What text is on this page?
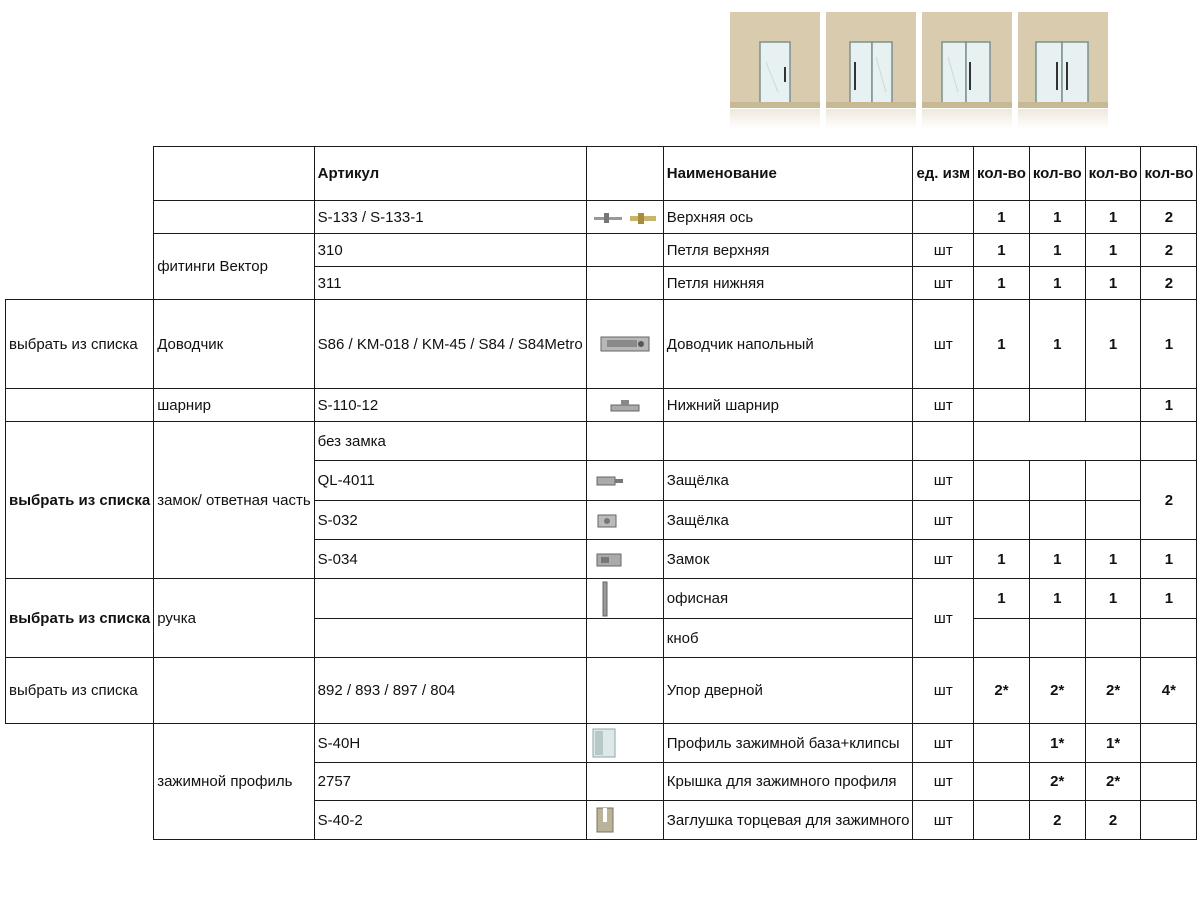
		Артикул		Наименование	ед. изм	кол-во	кол-во	кол-во	кол-во
		S-133 / S-133-1		Верхняя ось		1	1	1	2
	фитинги Вектор	310		Петля верхняя	шт	1	1	1	2
		311		Петля нижняя	шт	1	1	1	2
выбрать из списка	Доводчик	S86 / KM-018 / KM-45 / S84 / S84Metro		Доводчик напольный	шт	1	1	1	1
	шарнир	S-110-12		Нижний шарнир	шт				1
выбрать из списка	замок/ ответная часть	без замка							
		QL-4011		Защёлка	шт				2
		S-032		Защёлка	шт				
		S-034		Замок	шт	1	1	1	1
выбрать из списка	ручка			офисная	шт	1	1	1	1
				кноб					
выбрать из списка		892 / 893 / 897 / 804		Упор дверной	шт	2*	2*	2*	4*
	зажимной профиль	S-40H		Профиль зажимной база+клипсы	шт		1*	1*	
		2757		Крышка для зажимного профиля	шт		2*	2*	
		S-40-2		Заглушка торцевая для зажимного	шт		2	2	
